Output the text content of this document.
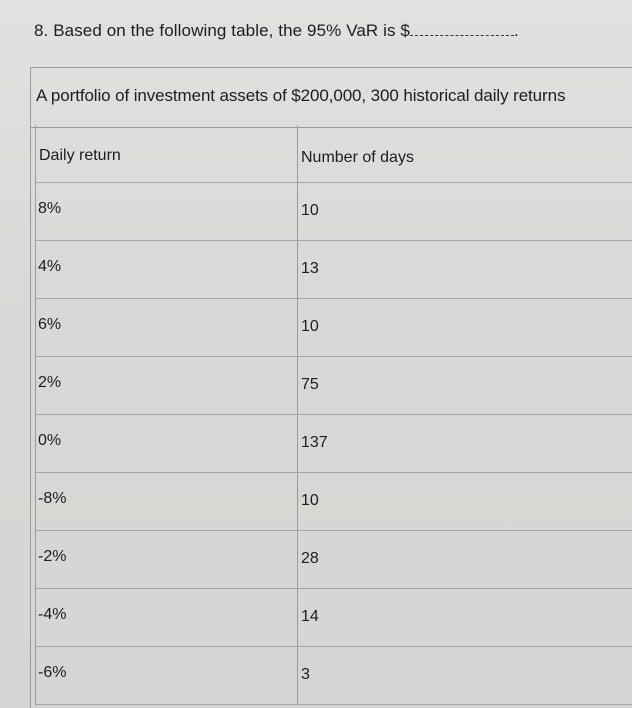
8. Based on the following table, the 95% VaR is $	.
A portfolio of investment assets of $200,000, 300 historical daily returns
Daily return	Number of days
8%	10
4%	13
6%	10
2%	75
0%	137
-8%	10
-2%	28
-4%	14
-6%	3
